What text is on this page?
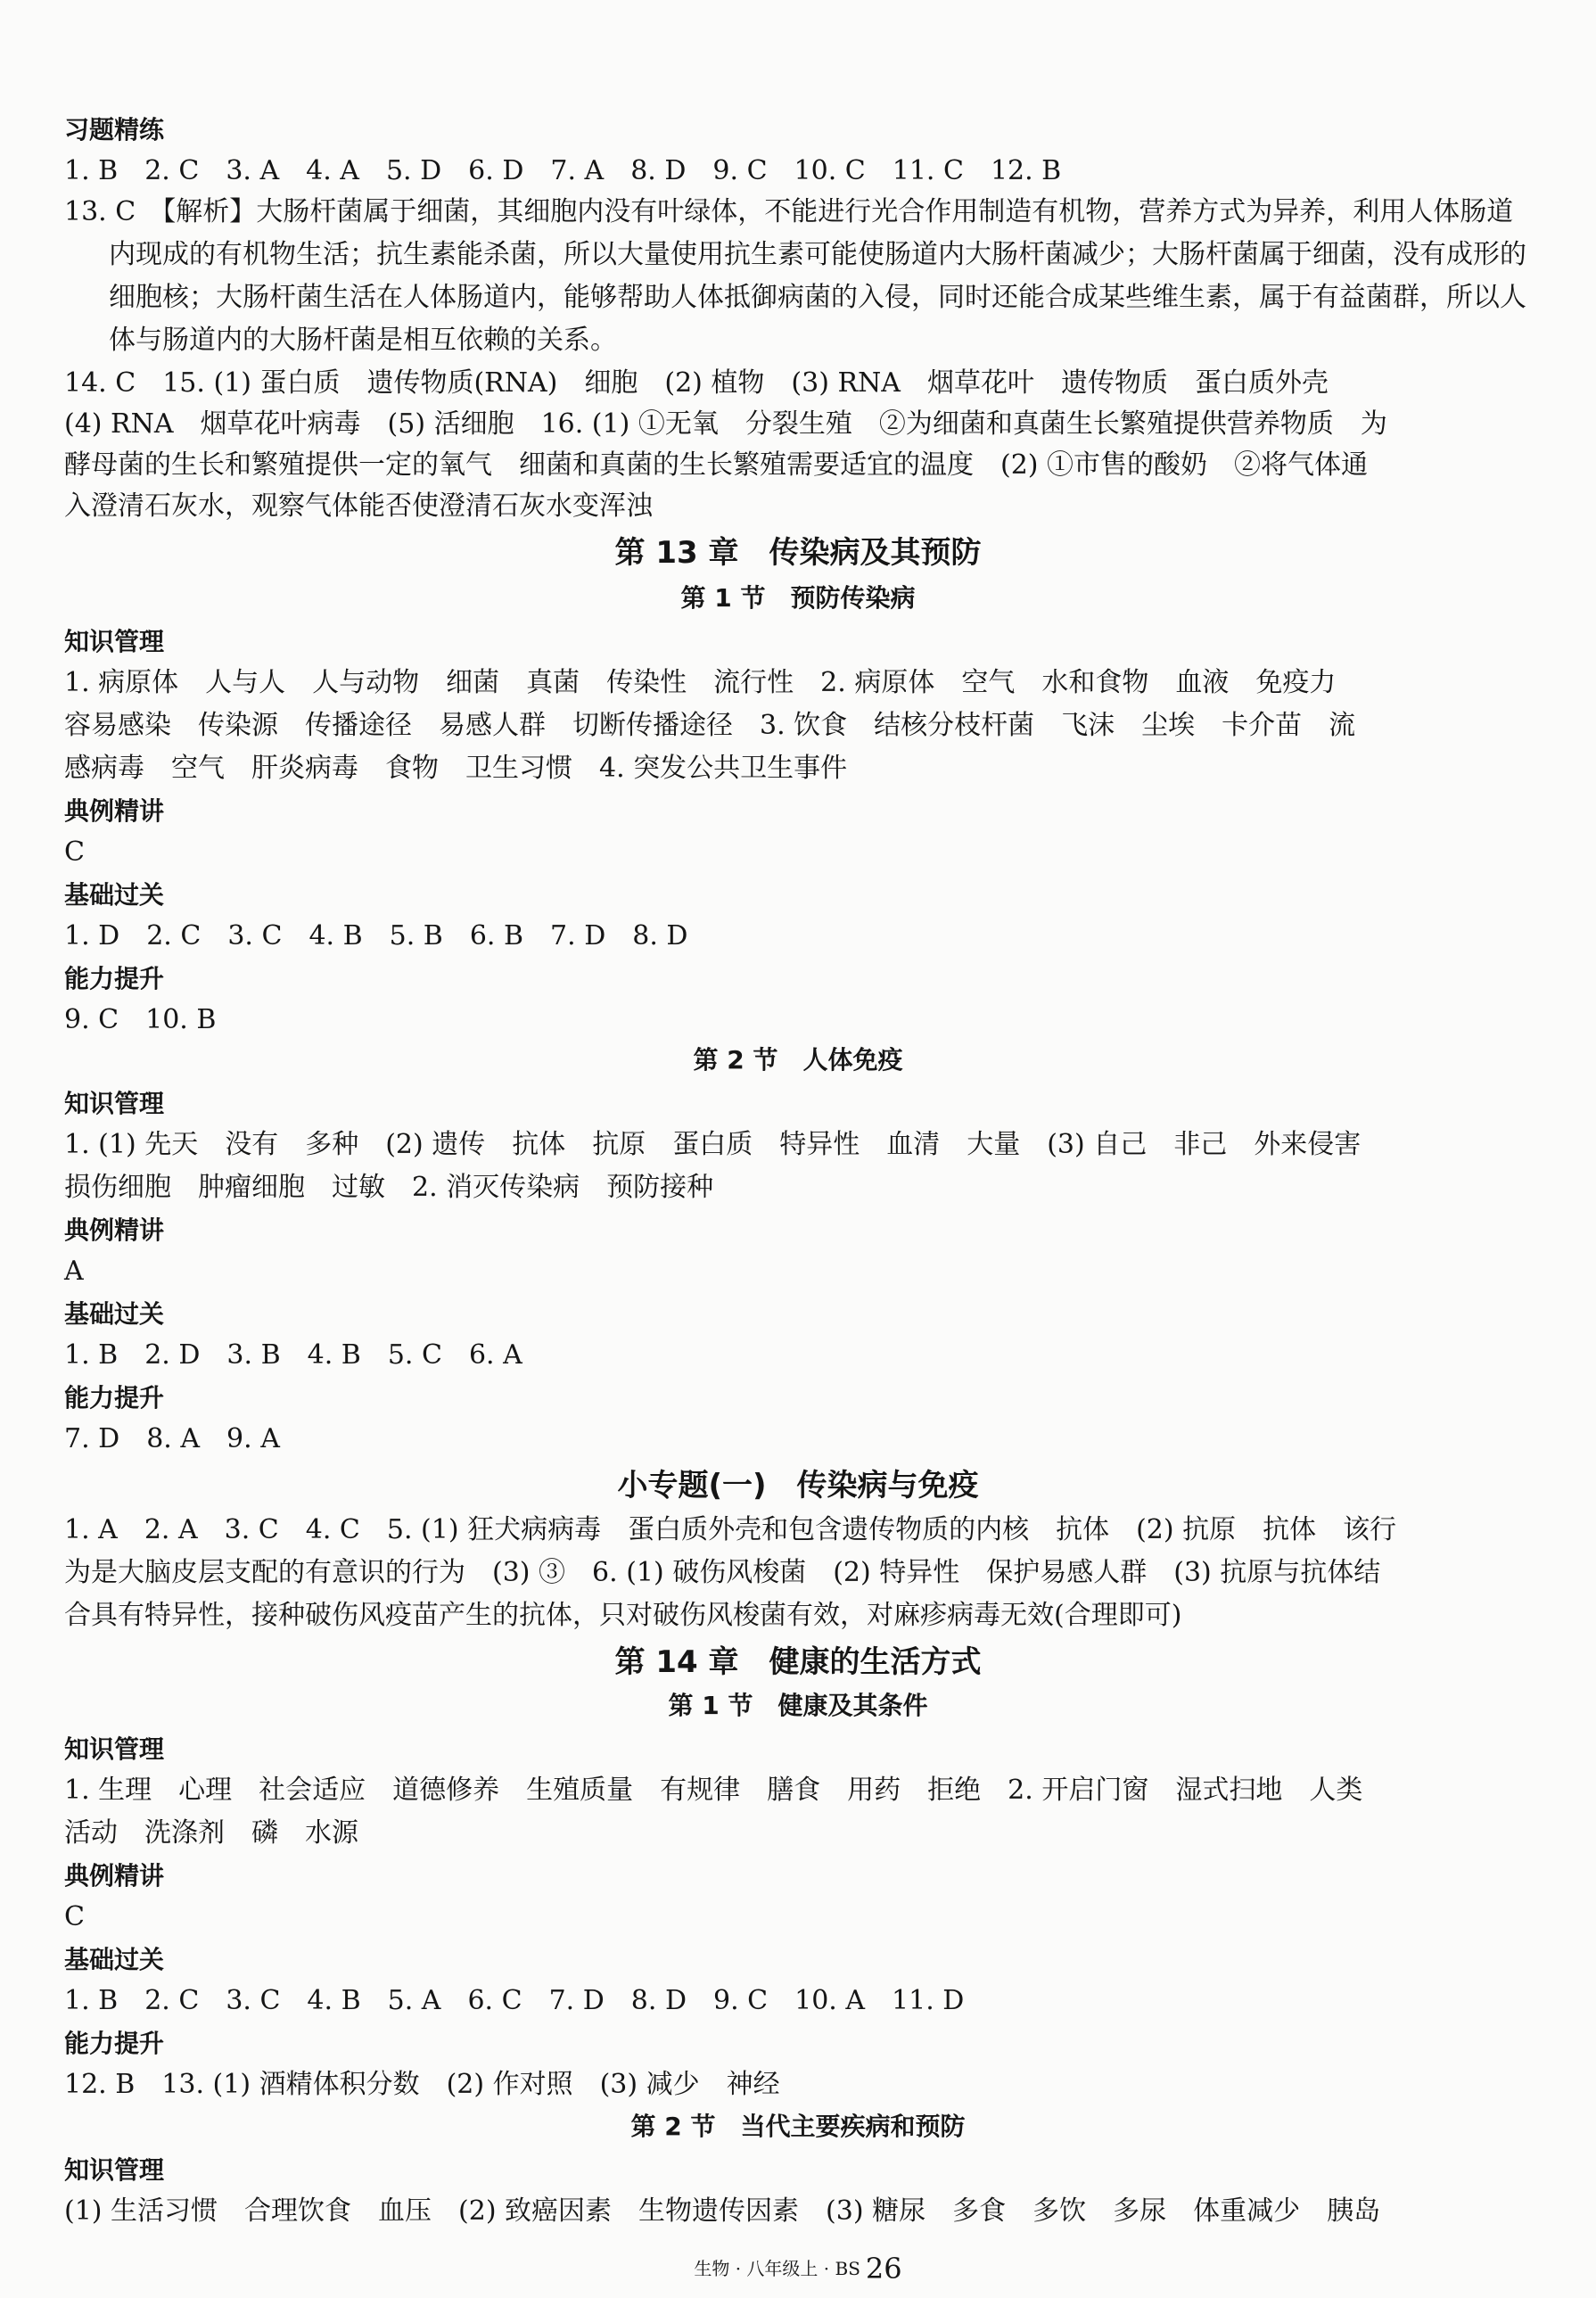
习题精练
1. B　2. C　3. A　4. A　5. D　6. D　7. A　8. D　9. C　10. C　11. C　12. B
13. C　【解析】大肠杆菌属于细菌，其细胞内没有叶绿体，不能进行光合作用制造有机物，营养方式为异养，利用人体肠道内现成的有机物生活；抗生素能杀菌，所以大量使用抗生素可能使肠道内大肠杆菌减少；大肠杆菌属于细菌，没有成形的细胞核；大肠杆菌生活在人体肠道内，能够帮助人体抵御病菌的入侵，同时还能合成某些维生素，属于有益菌群，所以人体与肠道内的大肠杆菌是相互依赖的关系。
14. C　15. (1) 蛋白质　遗传物质(RNA)　细胞　(2) 植物　(3) RNA　烟草花叶　遗传物质　蛋白质外壳
(4) RNA　烟草花叶病毒　(5) 活细胞　16. (1) ①无氧　分裂生殖　②为细菌和真菌生长繁殖提供营养物质　为
酵母菌的生长和繁殖提供一定的氧气　细菌和真菌的生长繁殖需要适宜的温度　(2) ①市售的酸奶　②将气体通
入澄清石灰水，观察气体能否使澄清石灰水变浑浊
第 13 章　传染病及其预防
第 1 节　预防传染病
知识管理
1. 病原体　人与人　人与动物　细菌　真菌　传染性　流行性　2. 病原体　空气　水和食物　血液　免疫力
容易感染　传染源　传播途径　易感人群　切断传播途径　3. 饮食　结核分枝杆菌　飞沫　尘埃　卡介苗　流
感病毒　空气　肝炎病毒　食物　卫生习惯　4. 突发公共卫生事件
典例精讲
C
基础过关
1. D　2. C　3. C　4. B　5. B　6. B　7. D　8. D
能力提升
9. C　10. B
第 2 节　人体免疫
知识管理
1. (1) 先天　没有　多种　(2) 遗传　抗体　抗原　蛋白质　特异性　血清　大量　(3) 自己　非己　外来侵害
损伤细胞　肿瘤细胞　过敏　2. 消灭传染病　预防接种
典例精讲
A
基础过关
1. B　2. D　3. B　4. B　5. C　6. A
能力提升
7. D　8. A　9. A
小专题(一)　传染病与免疫
1. A　2. A　3. C　4. C　5. (1) 狂犬病病毒　蛋白质外壳和包含遗传物质的内核　抗体　(2) 抗原　抗体　该行
为是大脑皮层支配的有意识的行为　(3) ③　6. (1) 破伤风梭菌　(2) 特异性　保护易感人群　(3) 抗原与抗体结
合具有特异性，接种破伤风疫苗产生的抗体，只对破伤风梭菌有效，对麻疹病毒无效(合理即可)
第 14 章　健康的生活方式
第 1 节　健康及其条件
知识管理
1. 生理　心理　社会适应　道德修养　生殖质量　有规律　膳食　用药　拒绝　2. 开启门窗　湿式扫地　人类
活动　洗涤剂　磷　水源
典例精讲
C
基础过关
1. B　2. C　3. C　4. B　5. A　6. C　7. D　8. D　9. C　10. A　11. D
能力提升
12. B　13. (1) 酒精体积分数　(2) 作对照　(3) 减少　神经
第 2 节　当代主要疾病和预防
知识管理
(1) 生活习惯　合理饮食　血压　(2) 致癌因素　生物遗传因素　(3) 糖尿　多食　多饮　多尿　体重减少　胰岛
生物 · 八年级上 · BS 26
